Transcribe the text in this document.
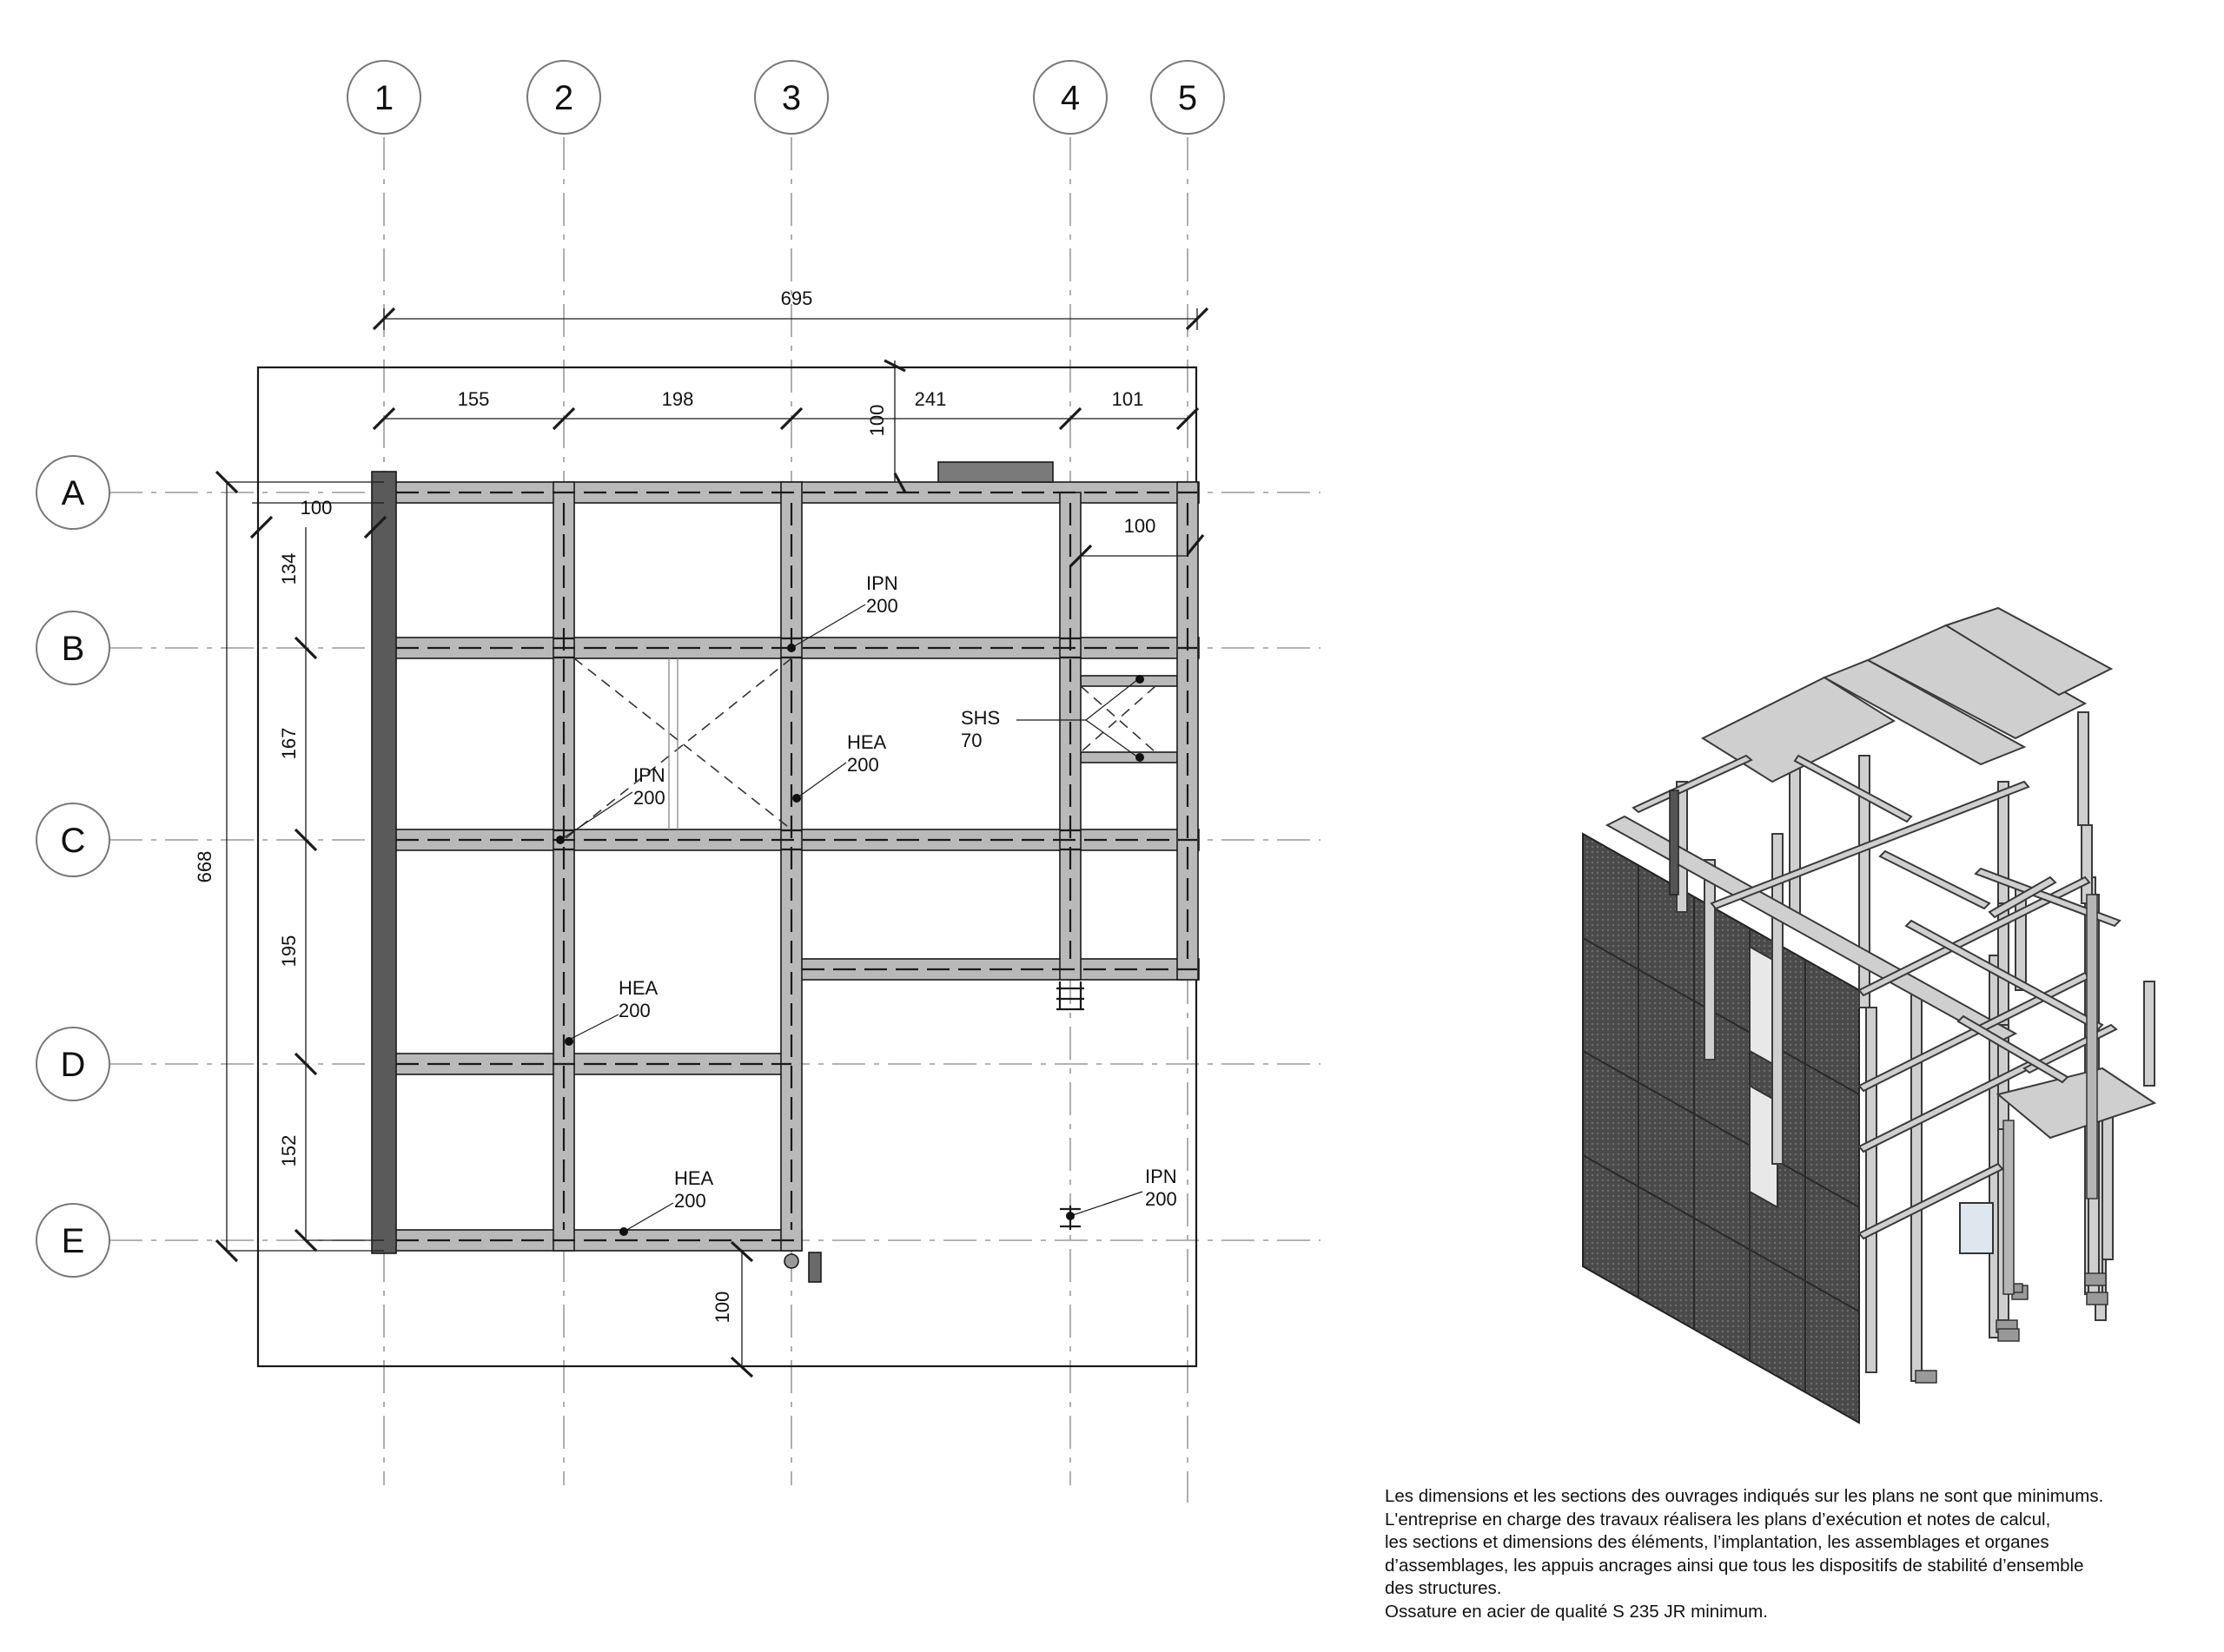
1	2	3	4	5
A
B
C
D
E
695
155	198	241	101
100
100
668
134
167
195
152
100
100
IPN
200
HEA
200
SHS
70
IPN
200
HEA
200
HEA
200
IPN
200
Les dimensions et les sections des ouvrages indiqués sur les plans ne sont que minimums.
L'entreprise en charge des travaux réalisera les plans d’exécution et notes de calcul,
les sections et dimensions des éléments, l’implantation, les assemblages et organes
d’assemblages, les appuis ancrages ainsi que tous les dispositifs de stabilité d’ensemble
des structures.
Ossature en acier de qualité S 235 JR minimum.
